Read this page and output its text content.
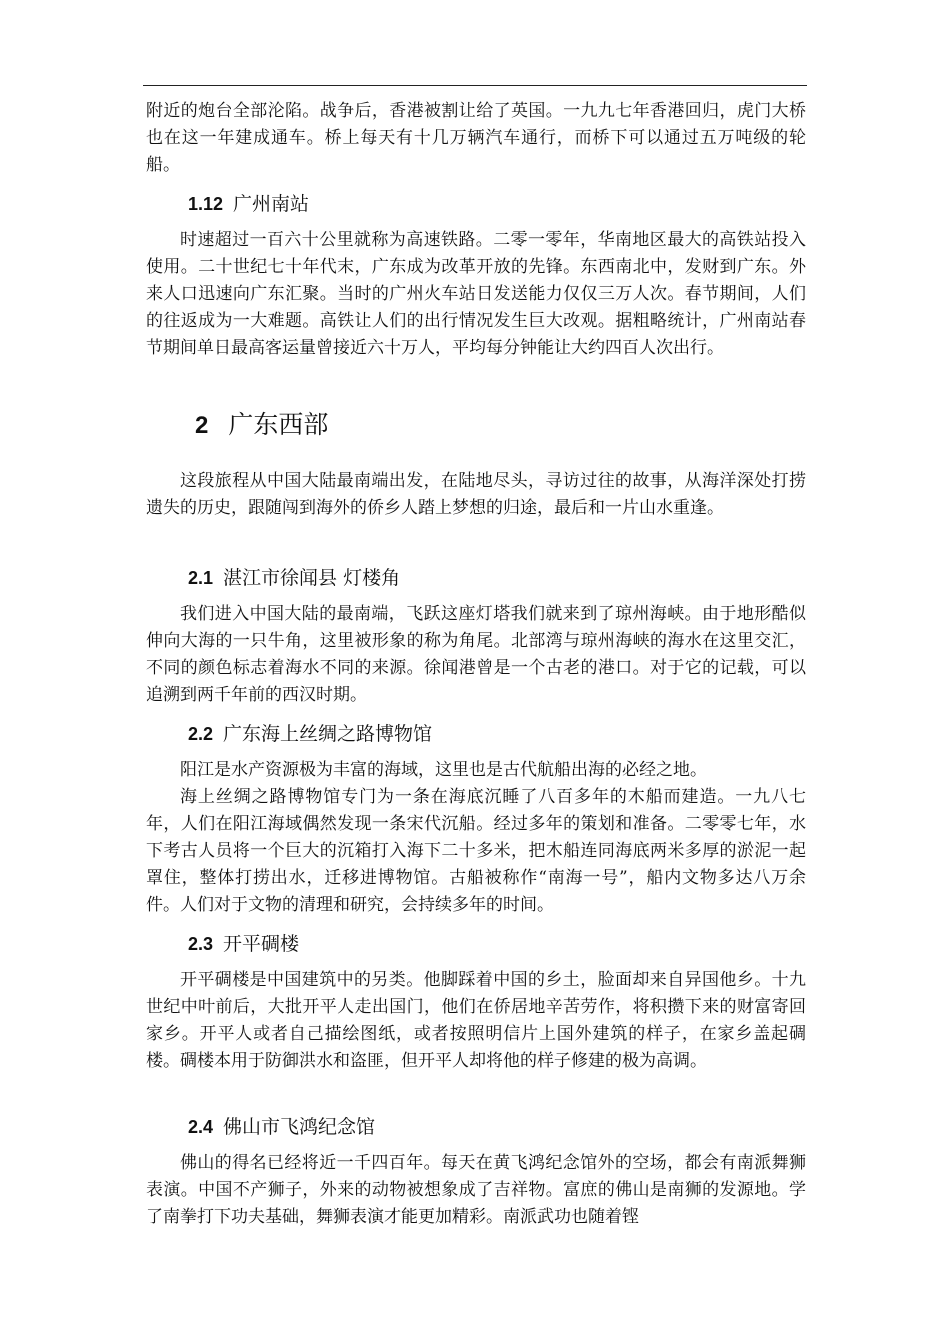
附近的炮台全部沦陷。战争后，香港被割让给了英国。一九九七年香港回归，虎门大桥也在这一年建成通车。桥上每天有十几万辆汽车通行，而桥下可以通过五万吨级的轮船。

1.12 广州南站

时速超过一百六十公里就称为高速铁路。二零一零年，华南地区最大的高铁站投入使用。二十世纪七十年代末，广东成为改革开放的先锋。东西南北中，发财到广东。外来人口迅速向广东汇聚。当时的广州火车站日发送能力仅仅三万人次。春节期间，人们的往返成为一大难题。高铁让人们的出行情况发生巨大改观。据粗略统计，广州南站春节期间单日最高客运量曾接近六十万人，平均每分钟能让大约四百人次出行。

2 广东西部

这段旅程从中国大陆最南端出发，在陆地尽头，寻访过往的故事，从海洋深处打捞遗失的历史，跟随闯到海外的侨乡人踏上梦想的归途，最后和一片山水重逢。

2.1 湛江市徐闻县 灯楼角

我们进入中国大陆的最南端，飞跃这座灯塔我们就来到了琼州海峡。由于地形酷似伸向大海的一只牛角，这里被形象的称为角尾。北部湾与琼州海峡的海水在这里交汇，不同的颜色标志着海水不同的来源。徐闻港曾是一个古老的港口。对于它的记载，可以追溯到两千年前的西汉时期。

2.2 广东海上丝绸之路博物馆

阳江是水产资源极为丰富的海域，这里也是古代航船出海的必经之地。

海上丝绸之路博物馆专门为一条在海底沉睡了八百多年的木船而建造。一九八七年，人们在阳江海域偶然发现一条宋代沉船。经过多年的策划和准备。二零零七年，水下考古人员将一个巨大的沉箱打入海下二十多米，把木船连同海底两米多厚的淤泥一起罩住，整体打捞出水，迁移进博物馆。古船被称作“南海一号”，船内文物多达八万余件。人们对于文物的清理和研究，会持续多年的时间。

2.3 开平碉楼

开平碉楼是中国建筑中的另类。他脚踩着中国的乡土，脸面却来自异国他乡。十九世纪中叶前后，大批开平人走出国门，他们在侨居地辛苦劳作，将积攒下来的财富寄回家乡。开平人或者自己描绘图纸，或者按照明信片上国外建筑的样子，在家乡盖起碉楼。碉楼本用于防御洪水和盗匪，但开平人却将他的样子修建的极为高调。

2.4 佛山市飞鸿纪念馆

佛山的得名已经将近一千四百年。每天在黄飞鸿纪念馆外的空场，都会有南派舞狮表演。中国不产狮子，外来的动物被想象成了吉祥物。富庶的佛山是南狮的发源地。学了南拳打下功夫基础，舞狮表演才能更加精彩。南派武功也随着铿
